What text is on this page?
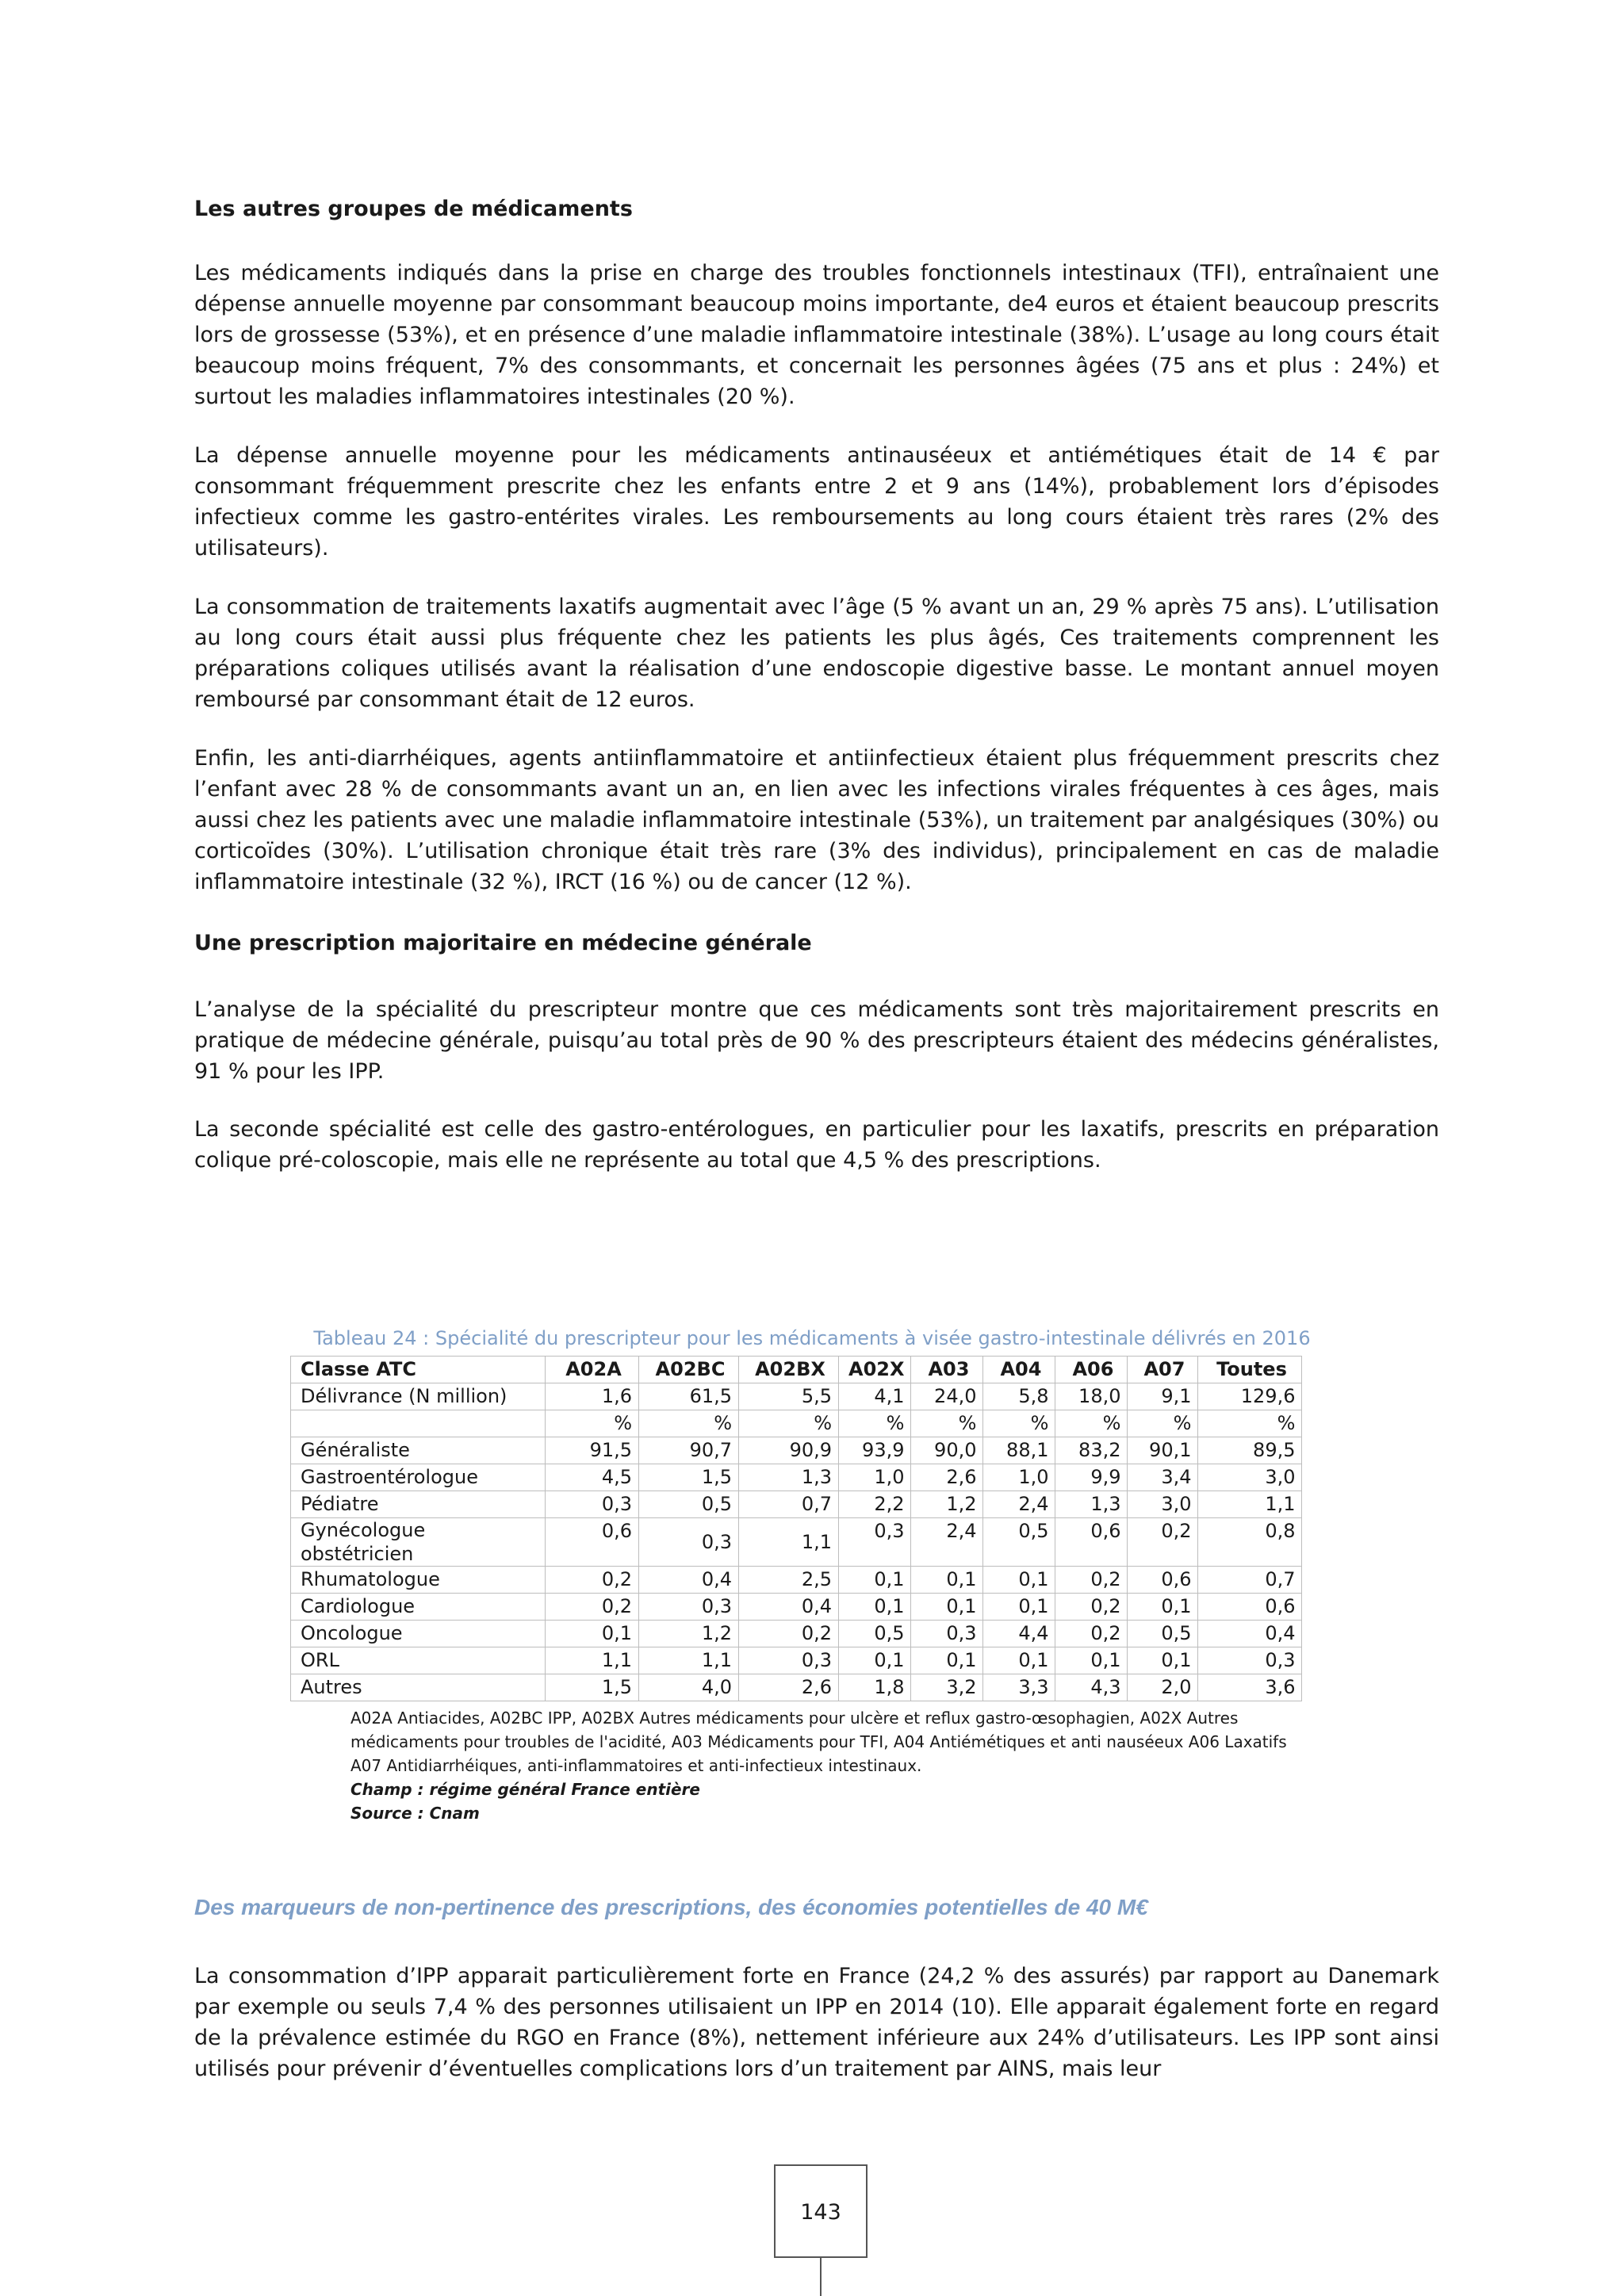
Les autres groupes de médicaments

Les médicaments indiqués dans la prise en charge des troubles fonctionnels intestinaux (TFI), entraînaient une dépense annuelle moyenne par consommant beaucoup moins importante, de4 euros et étaient beaucoup prescrits lors de grossesse (53%), et en présence d’une maladie inflammatoire intestinale (38%). L’usage au long cours était beaucoup moins fréquent, 7% des consommants, et concernait les personnes âgées (75 ans et plus : 24%) et surtout les maladies inflammatoires intestinales (20 %).

La dépense annuelle moyenne pour les médicaments antinauséeux et antiémétiques était de 14 € par consommant fréquemment prescrite chez les enfants entre 2 et 9 ans (14%), probablement lors d’épisodes infectieux comme les gastro-entérites virales. Les remboursements au long cours étaient très rares (2% des utilisateurs).

La consommation de traitements laxatifs augmentait avec l’âge (5 % avant un an, 29 % après 75 ans). L’utilisation au long cours était aussi plus fréquente chez les patients les plus âgés, Ces traitements comprennent les préparations coliques utilisés avant la réalisation d’une endoscopie digestive basse. Le montant annuel moyen remboursé par consommant était de 12 euros.

Enfin, les anti-diarrhéiques, agents antiinflammatoire et antiinfectieux étaient plus fréquemment prescrits chez l’enfant avec 28 % de consommants avant un an, en lien avec les infections virales fréquentes à ces âges, mais aussi chez les patients avec une maladie inflammatoire intestinale (53%), un traitement par analgésiques (30%) ou corticoïdes (30%). L’utilisation chronique était très rare (3% des individus), principalement en cas de maladie inflammatoire intestinale (32 %), IRCT (16 %) ou de cancer (12 %).

Une prescription majoritaire en médecine générale

L’analyse de la spécialité du prescripteur montre que ces médicaments sont très majoritairement prescrits en pratique de médecine générale, puisqu’au total près de 90 % des prescripteurs étaient des médecins généralistes, 91 % pour les IPP.

La seconde spécialité est celle des gastro-entérologues, en particulier pour les laxatifs, prescrits en préparation colique pré-coloscopie, mais elle ne représente au total que 4,5 % des prescriptions.

Tableau 24 : Spécialité du prescripteur pour les médicaments à visée gastro-intestinale délivrés en 2016

Classe ATC	A02A	A02BC	A02BX	A02X	A03	A04	A06	A07	Toutes
Délivrance (N million)	1,6	61,5	5,5	4,1	24,0	5,8	18,0	9,1	129,6
	%	%	%	%	%	%	%	%	%
Généraliste	91,5	90,7	90,9	93,9	90,0	88,1	83,2	90,1	89,5
Gastroentérologue	4,5	1,5	1,3	1,0	2,6	1,0	9,9	3,4	3,0
Pédiatre	0,3	0,5	0,7	2,2	1,2	2,4	1,3	3,0	1,1
Gynécologue obstétricien	0,6	0,3	1,1	0,3	2,4	0,5	0,6	0,2	0,8
Rhumatologue	0,2	0,4	2,5	0,1	0,1	0,1	0,2	0,6	0,7
Cardiologue	0,2	0,3	0,4	0,1	0,1	0,1	0,2	0,1	0,6
Oncologue	0,1	1,2	0,2	0,5	0,3	4,4	0,2	0,5	0,4
ORL	1,1	1,1	0,3	0,1	0,1	0,1	0,1	0,1	0,3
Autres	1,5	4,0	2,6	1,8	3,2	3,3	4,3	2,0	3,6
A02A Antiacides, A02BC IPP, A02BX Autres médicaments pour ulcère et reflux gastro-œsophagien, A02X Autres médicaments pour troubles de l'acidité, A03 Médicaments pour TFI, A04 Antiémétiques et anti nauséeux A06 Laxatifs A07 Antidiarrhéiques, anti-inflammatoires et anti-infectieux intestinaux.
Champ : régime général France entière
Source : Cnam
Des marqueurs de non-pertinence des prescriptions, des économies potentielles de 40 M€

La consommation d’IPP apparait particulièrement forte en France (24,2 % des assurés) par rapport au Danemark par exemple ou seuls 7,4 % des personnes utilisaient un IPP en 2014 (10). Elle apparait également forte en regard de la prévalence estimée du RGO en France (8%), nettement inférieure aux 24% d’utilisateurs. Les IPP sont ainsi utilisés pour prévenir d’éventuelles complications lors d’un traitement par AINS, mais leur

143
